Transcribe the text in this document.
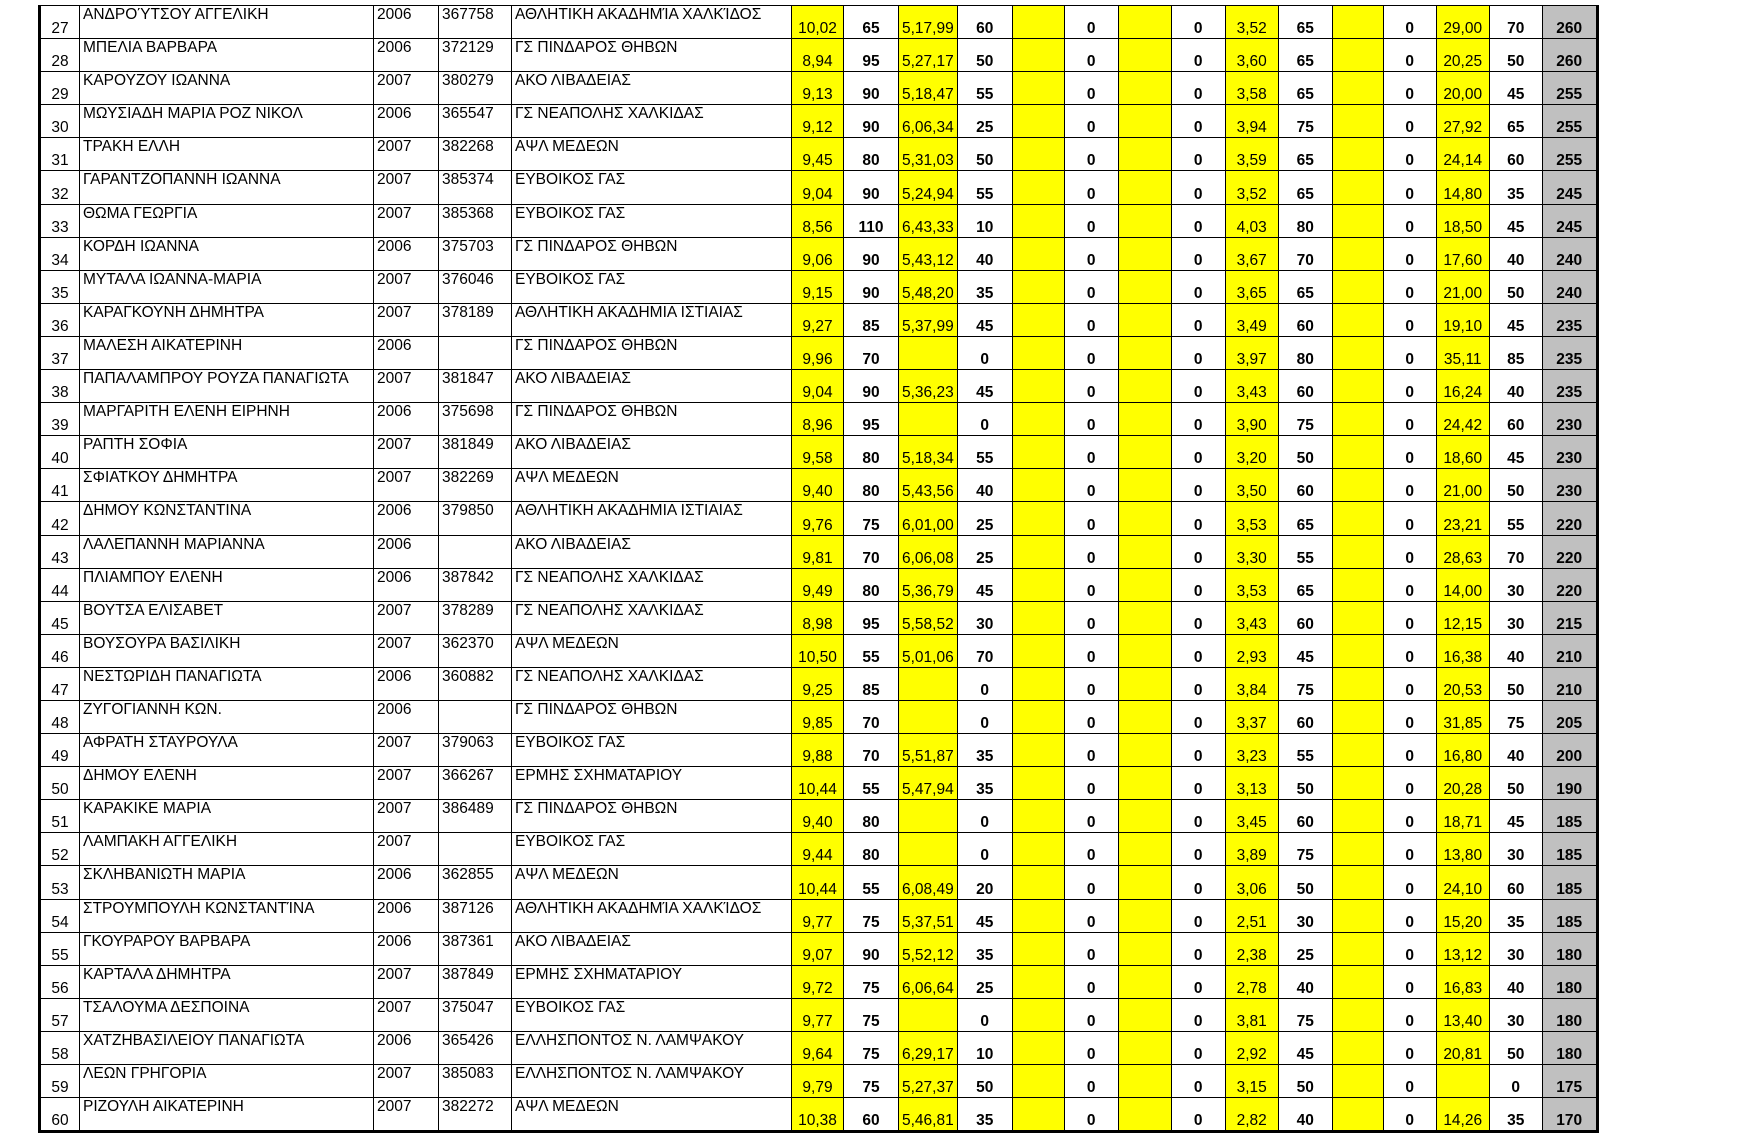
27	ΑΝΔΡΟΎΤΣΟΥ ΑΓΓΕΛΙΚΗ	2006	367758	ΑΘΛΗΤΙΚΗ ΑΚΑΔΗΜΊΑ ΧΑΛΚΊΔΟΣ	10,02	65	5,17,99	60		0		0	3,52	65		0	29,00	70	260
28	ΜΠΕΛΙΑ ΒΑΡΒΑΡΑ	2006	372129	ΓΣ ΠΙΝΔΑΡΟΣ ΘΗΒΩΝ	8,94	95	5,27,17	50		0		0	3,60	65		0	20,25	50	260
29	ΚΑΡΟΥΖΟΥ ΙΩΑΝΝΑ	2007	380279	ΑΚΟ ΛΙΒΑΔΕΙΑΣ	9,13	90	5,18,47	55		0		0	3,58	65		0	20,00	45	255
30	ΜΩΥΣΙΑΔΗ ΜΑΡΙΑ ΡΟΖ ΝΙΚΟΛ	2006	365547	ΓΣ ΝΕΑΠΟΛΗΣ ΧΑΛΚΙΔΑΣ	9,12	90	6,06,34	25		0		0	3,94	75		0	27,92	65	255
31	ΤΡΑΚΗ ΕΛΛΗ	2007	382268	ΑΨΛ ΜΕΔΕΩΝ	9,45	80	5,31,03	50		0		0	3,59	65		0	24,14	60	255
32	ΓΑΡΑΝΤΖΟΠΑΝΝΗ ΙΩΑΝΝΑ	2007	385374	ΕΥΒΟΙΚΟΣ ΓΑΣ	9,04	90	5,24,94	55		0		0	3,52	65		0	14,80	35	245
33	ΘΩΜΑ ΓΕΩΡΓΙΑ	2007	385368	ΕΥΒΟΙΚΟΣ ΓΑΣ	8,56	110	6,43,33	10		0		0	4,03	80		0	18,50	45	245
34	ΚΟΡΔΗ ΙΩΑΝΝΑ	2006	375703	ΓΣ ΠΙΝΔΑΡΟΣ ΘΗΒΩΝ	9,06	90	5,43,12	40		0		0	3,67	70		0	17,60	40	240
35	ΜΥΤΑΛΑ ΙΩΑΝΝΑ-ΜΑΡΙΑ	2007	376046	ΕΥΒΟΙΚΟΣ ΓΑΣ	9,15	90	5,48,20	35		0		0	3,65	65		0	21,00	50	240
36	ΚΑΡΑΓΚΟΥΝΗ ΔΗΜΗΤΡΑ	2007	378189	ΑΘΛΗΤΙΚΗ ΑΚΑΔΗΜΙΑ ΙΣΤΙΑΙΑΣ	9,27	85	5,37,99	45		0		0	3,49	60		0	19,10	45	235
37	ΜΑΛΕΣΗ ΑΙΚΑΤΕΡΙΝΗ	2006		ΓΣ ΠΙΝΔΑΡΟΣ ΘΗΒΩΝ	9,96	70		0		0		0	3,97	80		0	35,11	85	235
38	ΠΑΠΑΛΑΜΠΡΟΥ ΡΟΥΖΑ ΠΑΝΑΓΙΩΤΑ	2007	381847	ΑΚΟ ΛΙΒΑΔΕΙΑΣ	9,04	90	5,36,23	45		0		0	3,43	60		0	16,24	40	235
39	ΜΑΡΓΑΡΙΤΗ ΕΛΕΝΗ ΕΙΡΗΝΗ	2006	375698	ΓΣ ΠΙΝΔΑΡΟΣ ΘΗΒΩΝ	8,96	95		0		0		0	3,90	75		0	24,42	60	230
40	ΡΑΠΤΗ ΣΟΦΙΑ	2007	381849	ΑΚΟ ΛΙΒΑΔΕΙΑΣ	9,58	80	5,18,34	55		0		0	3,20	50		0	18,60	45	230
41	ΣΦΙΑΤΚΟΥ ΔΗΜΗΤΡΑ	2007	382269	ΑΨΛ ΜΕΔΕΩΝ	9,40	80	5,43,56	40		0		0	3,50	60		0	21,00	50	230
42	ΔΗΜΟΥ ΚΩΝΣΤΑΝΤΙΝΑ	2006	379850	ΑΘΛΗΤΙΚΗ ΑΚΑΔΗΜΙΑ ΙΣΤΙΑΙΑΣ	9,76	75	6,01,00	25		0		0	3,53	65		0	23,21	55	220
43	ΛΑΛΕΠΑΝΝΗ ΜΑΡΙΑΝΝΑ	2006		ΑΚΟ ΛΙΒΑΔΕΙΑΣ	9,81	70	6,06,08	25		0		0	3,30	55		0	28,63	70	220
44	ΠΛΙΑΜΠΟΥ ΕΛΕΝΗ	2006	387842	ΓΣ ΝΕΑΠΟΛΗΣ ΧΑΛΚΙΔΑΣ	9,49	80	5,36,79	45		0		0	3,53	65		0	14,00	30	220
45	ΒΟΥΤΣΑ ΕΛΙΣΑΒΕΤ	2007	378289	ΓΣ ΝΕΑΠΟΛΗΣ ΧΑΛΚΙΔΑΣ	8,98	95	5,58,52	30		0		0	3,43	60		0	12,15	30	215
46	ΒΟΥΣΟΥΡΑ ΒΑΣΙΛΙΚΗ	2007	362370	ΑΨΛ ΜΕΔΕΩΝ	10,50	55	5,01,06	70		0		0	2,93	45		0	16,38	40	210
47	ΝΕΣΤΩΡΙΔΗ ΠΑΝΑΓΙΩΤΑ	2006	360882	ΓΣ ΝΕΑΠΟΛΗΣ ΧΑΛΚΙΔΑΣ	9,25	85		0		0		0	3,84	75		0	20,53	50	210
48	ΖΥΓΟΓΙΑΝΝΗ ΚΩΝ.	2006		ΓΣ ΠΙΝΔΑΡΟΣ ΘΗΒΩΝ	9,85	70		0		0		0	3,37	60		0	31,85	75	205
49	ΑΦΡΑΤΗ ΣΤΑΥΡΟΥΛΑ	2007	379063	ΕΥΒΟΙΚΟΣ ΓΑΣ	9,88	70	5,51,87	35		0		0	3,23	55		0	16,80	40	200
50	ΔΗΜΟΥ ΕΛΕΝΗ	2007	366267	ΕΡΜΗΣ ΣΧΗΜΑΤΑΡΙΟΥ	10,44	55	5,47,94	35		0		0	3,13	50		0	20,28	50	190
51	ΚΑΡΑΚΙΚΕ ΜΑΡΙΑ	2007	386489	ΓΣ ΠΙΝΔΑΡΟΣ ΘΗΒΩΝ	9,40	80		0		0		0	3,45	60		0	18,71	45	185
52	ΛΑΜΠΑΚΗ ΑΓΓΕΛΙΚΗ	2007		ΕΥΒΟΙΚΟΣ ΓΑΣ	9,44	80		0		0		0	3,89	75		0	13,80	30	185
53	ΣΚΛΗΒΑΝΙΩΤΗ ΜΑΡΙΑ	2006	362855	ΑΨΛ ΜΕΔΕΩΝ	10,44	55	6,08,49	20		0		0	3,06	50		0	24,10	60	185
54	ΣΤΡΟΥΜΠΟΥΛΗ ΚΩΝΣΤΑΝΤΊΝΑ	2006	387126	ΑΘΛΗΤΙΚΗ ΑΚΑΔΗΜΊΑ ΧΑΛΚΊΔΟΣ	9,77	75	5,37,51	45		0		0	2,51	30		0	15,20	35	185
55	ΓΚΟΥΡΑΡΟΥ ΒΑΡΒΑΡΑ	2006	387361	ΑΚΟ ΛΙΒΑΔΕΙΑΣ	9,07	90	5,52,12	35		0		0	2,38	25		0	13,12	30	180
56	ΚΑΡΤΑΛΑ ΔΗΜΗΤΡΑ	2007	387849	ΕΡΜΗΣ ΣΧΗΜΑΤΑΡΙΟΥ	9,72	75	6,06,64	25		0		0	2,78	40		0	16,83	40	180
57	ΤΣΑΛΟΥΜΑ ΔΕΣΠΟΙΝΑ	2007	375047	ΕΥΒΟΙΚΟΣ ΓΑΣ	9,77	75		0		0		0	3,81	75		0	13,40	30	180
58	ΧΑΤΖΗΒΑΣΙΛΕΙΟΥ ΠΑΝΑΓΙΩΤΑ	2006	365426	ΕΛΛΗΣΠΟΝΤΟΣ Ν. ΛΑΜΨΑΚΟΥ	9,64	75	6,29,17	10		0		0	2,92	45		0	20,81	50	180
59	ΛΕΩΝ ΓΡΗΓΟΡΙΑ	2007	385083	ΕΛΛΗΣΠΟΝΤΟΣ Ν. ΛΑΜΨΑΚΟΥ	9,79	75	5,27,37	50		0		0	3,15	50		0		0	175
60	ΡΙΖΟΥΛΗ ΑΙΚΑΤΕΡΙΝΗ	2007	382272	ΑΨΛ ΜΕΔΕΩΝ	10,38	60	5,46,81	35		0		0	2,82	40		0	14,26	35	170
